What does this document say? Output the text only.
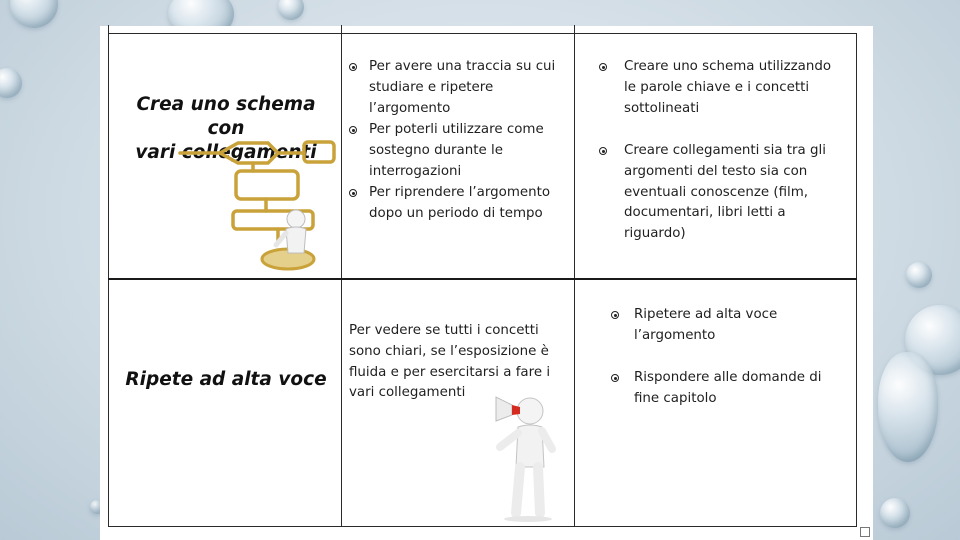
Crea uno schema con
vari collegamenti
Per avere una traccia su cui
studiare e ripetere
l’argomento
Per poterli utilizzare come
sostegno durante le
interrogazioni
Per riprendere l’argomento
dopo un periodo di tempo
Creare uno schema utilizzando
le parole chiave e i concetti
sottolineati
Creare collegamenti sia tra gli
argomenti del testo sia con
eventuali conoscenze (film,
documentari, libri letti a
riguardo)
Ripete ad alta voce
Per vedere se tutti i concetti
sono chiari, se l’esposizione è
fluida e per esercitarsi a fare i
vari collegamenti
Ripetere ad alta voce
l’argomento
Rispondere alle domande di
fine capitolo
